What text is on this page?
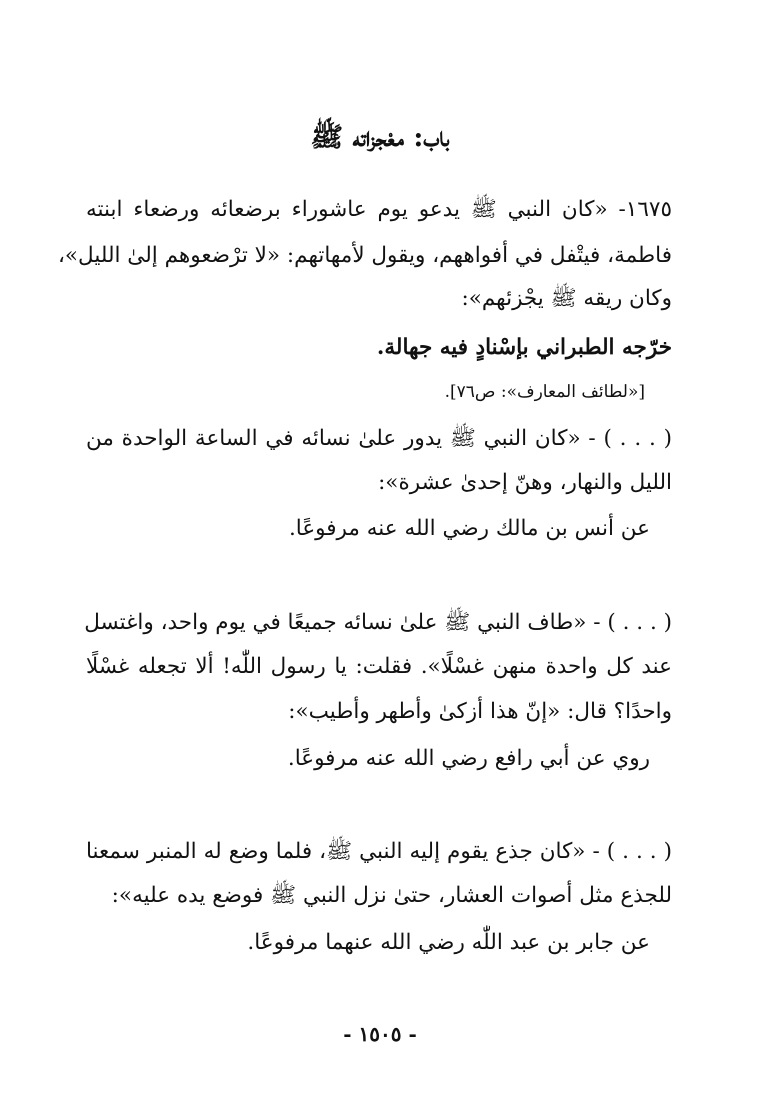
باب: معْجزاته ﷺ
١٦٧٥- «كان النبي ﷺ يدعو يوم عاشوراء برضعائه ورضعاء ابنته
فاطمة، فيتْفل في أفواههم، ويقول لأمهاتهم: «لا ترْضعوهم إلىٰ الليل»،
وكان ريقه ﷺ يجْزئهم»:
خرّجه الطبراني بإسْنادٍ فيه جهالة.
[«لطائف المعارف»: ص٧٦].
( . . . ) - «كان النبي ﷺ يدور علىٰ نسائه في الساعة الواحدة من
الليل والنهار، وهنّ إحدىٰ عشرة»:
عن أنس بن مالك رضي الله عنه مرفوعًا.
( . . . ) - «طاف النبي ﷺ علىٰ نسائه جميعًا في يوم واحد، واغتسل
عند كل واحدة منهن غسْلًا». فقلت: يا رسول اللّٰه! ألا تجعله غسْلًا
واحدًا؟ قال: «إنّ هذا أزكىٰ وأطهر وأطيب»:
روي عن أبي رافع رضي الله عنه مرفوعًا.
( . . . ) - «كان جذع يقوم إليه النبي ﷺ، فلما وضع له المنبر سمعنا
للجذع مثل أصوات العشار، حتىٰ نزل النبي ﷺ فوضع يده عليه»:
عن جابر بن عبد اللّٰه رضي الله عنهما مرفوعًا.
- ١٥٠٥ -
